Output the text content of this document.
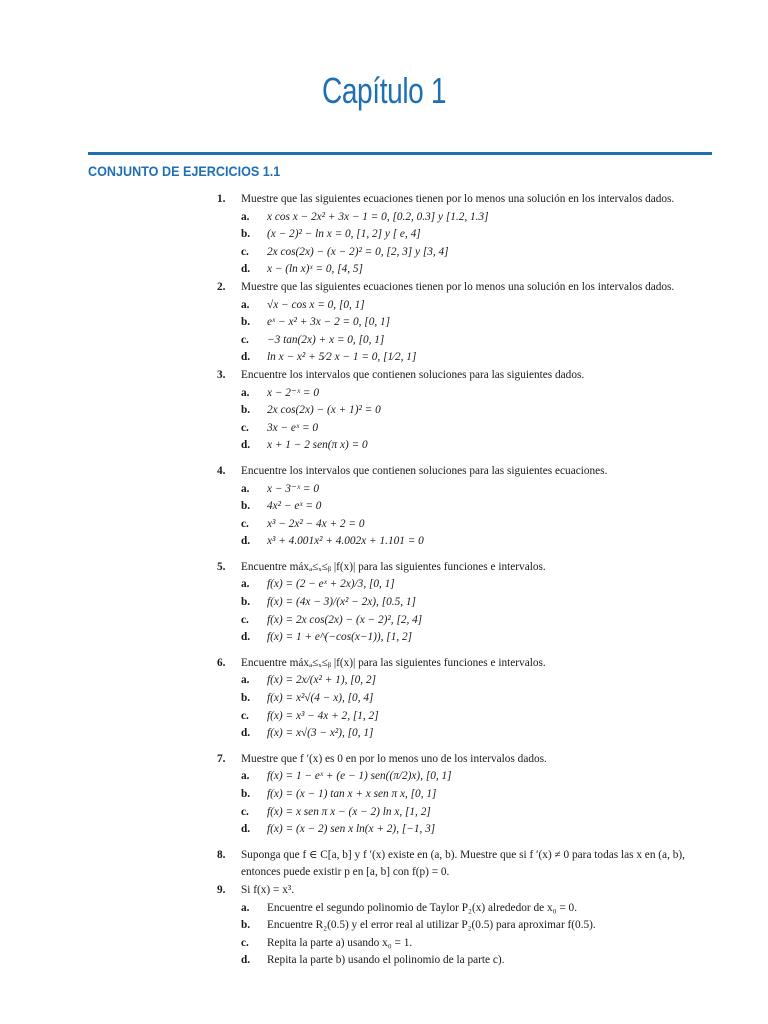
Capítulo 1
CONJUNTO DE EJERCICIOS 1.1
1. Muestre que las siguientes ecuaciones tienen por lo menos una solución en los intervalos dados.
a. x cos x − 2x² + 3x − 1 = 0, [0.2, 0.3] y [1.2, 1.3]
b. (x − 2)² − ln x = 0, [1, 2] y [ e, 4]
c. 2x cos(2x) − (x − 2)² = 0, [2, 3] y [3, 4]
d. x − (ln x)ˣ = 0, [4, 5]
2. Muestre que las siguientes ecuaciones tienen por lo menos una solución en los intervalos dados.
a. √x − cos x = 0, [0, 1]
b. eˣ − x² + 3x − 2 = 0, [0, 1]
c. −3 tan(2x) + x = 0, [0, 1]
d. ln x − x² + 5⁄2 x − 1 = 0, [1⁄2, 1]
3. Encuentre los intervalos que contienen soluciones para las siguientes dados.
a. x − 2⁻ˣ = 0
b. 2x cos(2x) − (x + 1)² = 0
c. 3x − eˣ = 0
d. x + 1 − 2 sen(π x) = 0
4. Encuentre los intervalos que contienen soluciones para las siguientes ecuaciones.
a. x − 3⁻ˣ = 0
b. 4x² − eˣ = 0
c. x³ − 2x² − 4x + 2 = 0
d. x³ + 4.001x² + 4.002x + 1.101 = 0
5. Encuentre máxₐ≤ₓ≤ᵦ |f(x)| para las siguientes funciones e intervalos.
a. f(x) = (2 − eˣ + 2x)/3, [0, 1]
b. f(x) = (4x − 3)/(x² − 2x), [0.5, 1]
c. f(x) = 2x cos(2x) − (x − 2)², [2, 4]
d. f(x) = 1 + e^(−cos(x−1)), [1, 2]
6. Encuentre máxₐ≤ₓ≤ᵦ |f(x)| para las siguientes funciones e intervalos.
a. f(x) = 2x/(x² + 1), [0, 2]
b. f(x) = x²√(4 − x), [0, 4]
c. f(x) = x³ − 4x + 2, [1, 2]
d. f(x) = x√(3 − x²), [0, 1]
7. Muestre que f ′(x) es 0 en por lo menos uno de los intervalos dados.
a. f(x) = 1 − eˣ + (e − 1) sen((π/2)x), [0, 1]
b. f(x) = (x − 1) tan x + x sen π x, [0, 1]
c. f(x) = x sen π x − (x − 2) ln x, [1, 2]
d. f(x) = (x − 2) sen x ln(x + 2), [−1, 3]
8. Suponga que f ∈ C[a, b] y f ′(x) existe en (a, b). Muestre que si f ′(x) ≠ 0 para todas las x en (a, b), entonces puede existir p en [a, b] con f(p) = 0.
9. Si f(x) = x³.
a. Encuentre el segundo polinomio de Taylor P₂(x) alrededor de x₀ = 0.
b. Encuentre R₂(0.5) y el error real al utilizar P₂(0.5) para aproximar f(0.5).
c. Repita la parte a) usando x₀ = 1.
d. Repita la parte b) usando el polinomio de la parte c).
